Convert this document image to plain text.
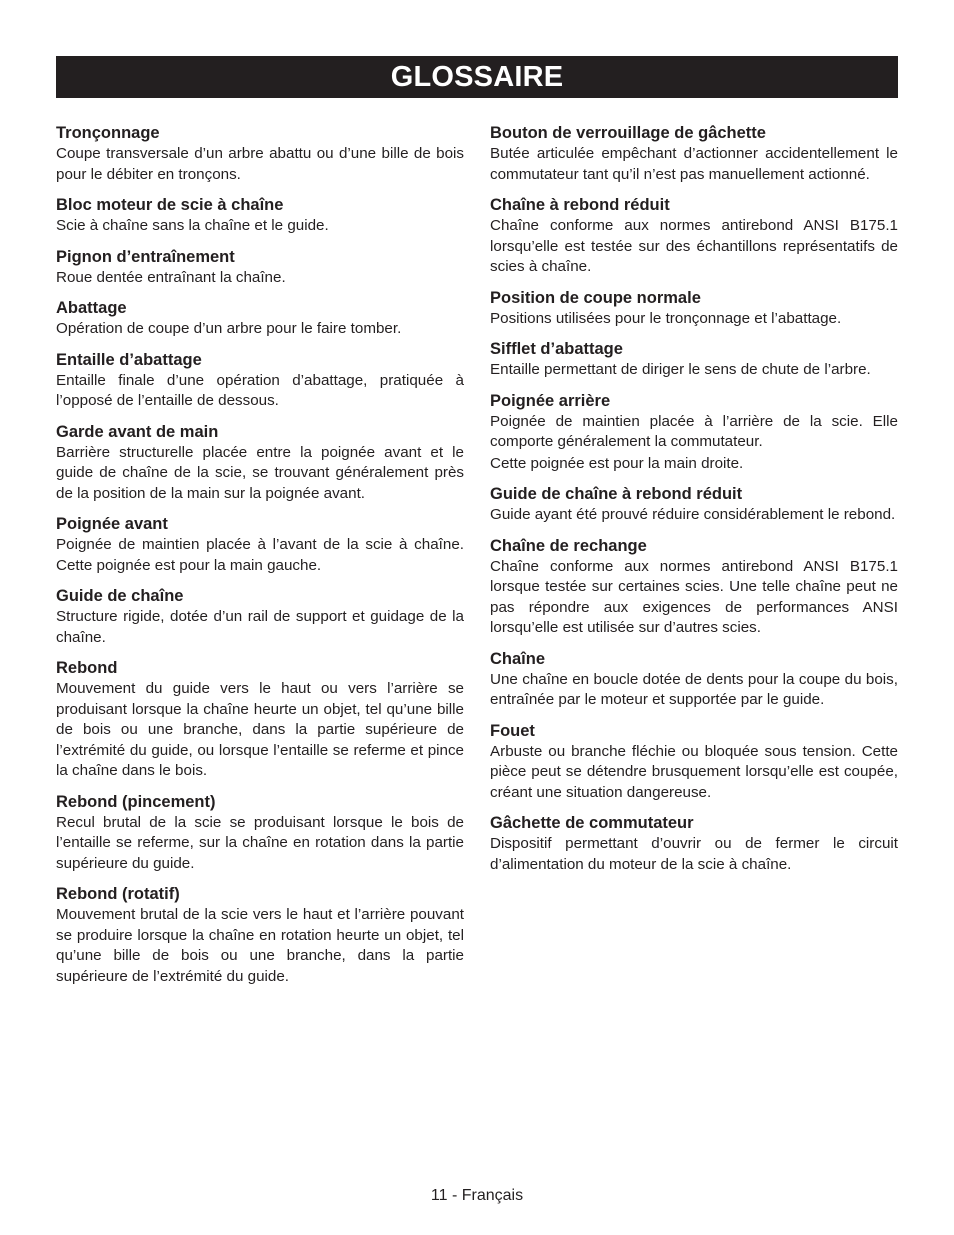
GLOSSAIRE

Tronçonnage

Coupe transversale d’un arbre abattu ou d’une bille de bois pour le débiter en tronçons.

Bloc moteur de scie à chaîne

Scie à chaîne sans la chaîne et le guide.

Pignon d’entraînement

Roue dentée entraînant la chaîne.

Abattage

Opération de coupe d’un arbre pour le faire tomber.

Entaille d’abattage

Entaille finale d’une opération d’abattage, pratiquée à l’opposé de l’entaille de dessous.

Garde avant de main

Barrière structurelle placée entre la poignée avant et le guide de chaîne de la scie, se trouvant généralement près de la position de la main sur la poignée avant.

Poignée avant

Poignée de maintien placée à l’avant de la scie à chaîne. Cette poignée est pour la main gauche.

Guide de chaîne

Structure rigide, dotée d’un rail de support et guidage de la chaîne.

Rebond

Mouvement du guide vers le haut ou vers l’arrière se produisant lorsque la chaîne heurte un objet, tel qu’une bille de bois ou une branche, dans la partie supérieure de l’extrémité du guide, ou lorsque l’entaille se referme et pince la chaîne dans le bois.

Rebond (pincement)

Recul brutal de la scie se produisant lorsque le bois de l’entaille se referme, sur la chaîne en rotation dans la partie supérieure du guide.

Rebond (rotatif)

Mouvement brutal de la scie vers le haut et l’arrière pouvant se produire lorsque la chaîne en rotation heurte un objet, tel qu’une bille de bois ou une branche, dans la partie supérieure de l’extrémité du guide.

Bouton de verrouillage de gâchette

Butée articulée empêchant d’actionner accidentellement le commutateur tant qu’il n’est pas manuellement actionné.

Chaîne à rebond réduit

Chaîne conforme aux normes antirebond ANSI B175.1 lorsqu’elle est testée sur des échantillons représentatifs de scies à chaîne.

Position de coupe normale

Positions utilisées pour le tronçonnage et l’abattage.

Sifflet d’abattage

Entaille permettant de diriger le sens de chute de l’arbre.

Poignée arrière

Poignée de maintien placée à l’arrière de la scie. Elle comporte généralement la commutateur.

Cette poignée est pour la main droite.

Guide de chaîne à rebond réduit

Guide ayant été prouvé réduire considérablement le rebond.

Chaîne de rechange

Chaîne conforme aux normes antirebond ANSI B175.1 lorsque testée sur certaines scies. Une telle chaîne peut ne pas répondre aux exigences de performances ANSI lorsqu’elle est utilisée sur d’autres scies.

Chaîne

Une chaîne en boucle dotée de dents pour la coupe du bois, entraînée par le moteur et supportée par le guide.

Fouet

Arbuste ou branche fléchie ou bloquée sous tension. Cette pièce peut se détendre brusquement lorsqu’elle est coupée, créant une situation dangereuse.

Gâchette de commutateur

Dispositif permettant d’ouvrir ou de fermer le circuit d’alimentation du moteur de la scie à chaîne.

11 - Français
